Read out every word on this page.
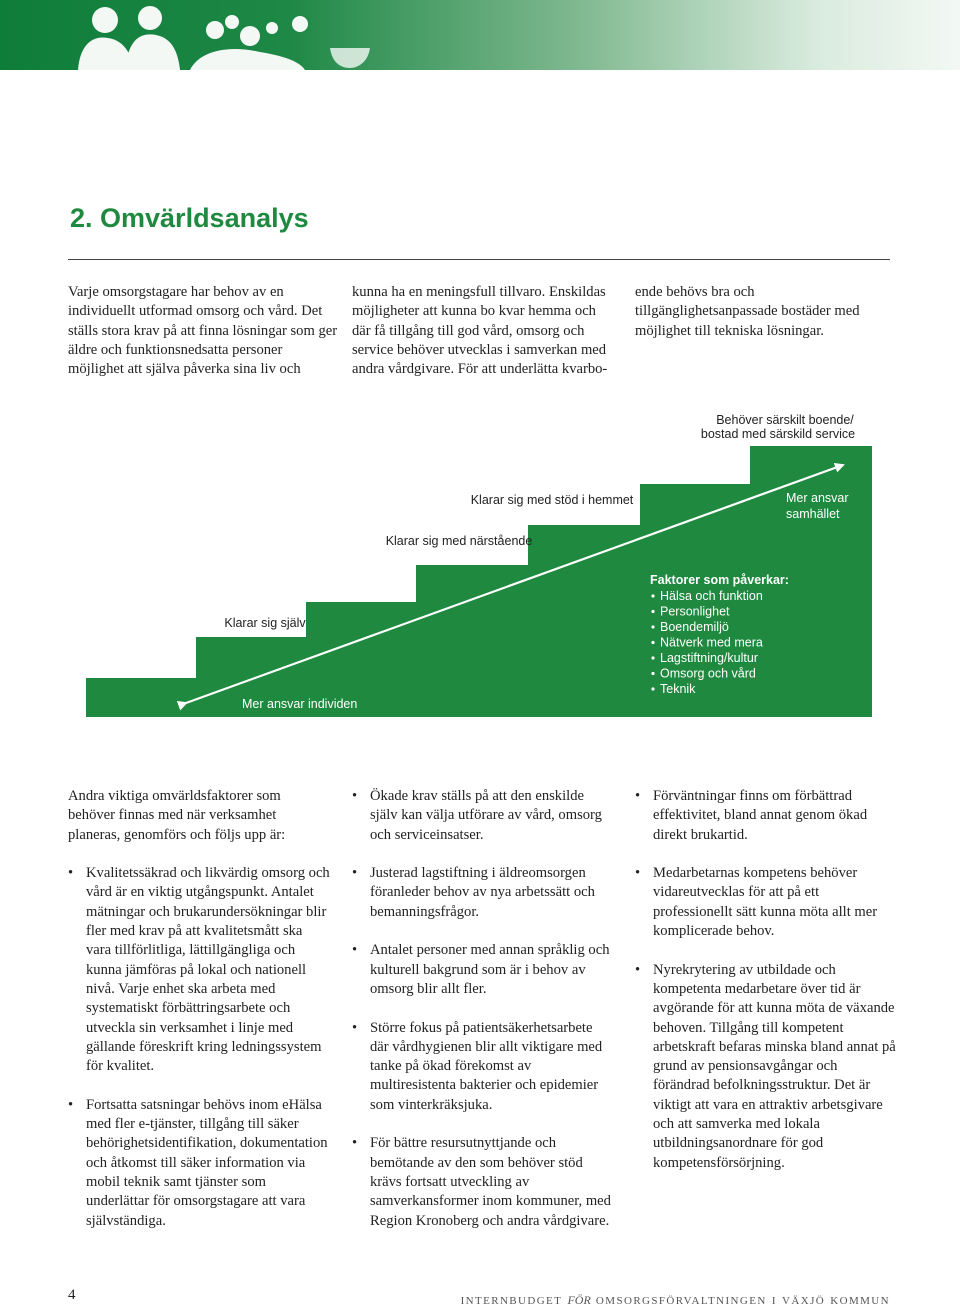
2. Omvärldsanalys

Varje omsorgstagare har behov av en individuellt utformad omsorg och vård. Det ställs stora krav på att finna lösningar som ger äldre och funktionsnedsatta personer möjlighet att själva påverka sina liv och

kunna ha en meningsfull tillvaro. Enskildas möjligheter att kunna bo kvar hemma och där få tillgång till god vård, omsorg och service behöver utvecklas i samverkan med andra vårdgivare. För att underlätta kvarbo-

ende behövs bra och tillgänglighetsanpassade bostäder med möjlighet till tekniska lösningar.

Behöver särskilt boende/
bostad med särskild service
Klarar sig med stöd i hemmet
Klarar sig med närstående
Klarar sig själv
Mer ansvar individen
Mer ansvar
samhället
Faktorer som påverkar:
Hälsa och funktion
Personlighet
Boendemiljö
Nätverk med mera
Lagstiftning/kultur
Omsorg och vård
Teknik

Andra viktiga omvärldsfaktorer som behöver finnas med när verksamhet planeras, genomförs och följs upp är:

• Kvalitetssäkrad och likvärdig omsorg och vård är en viktig utgångspunkt. Antalet mätningar och brukarundersökningar blir fler med krav på att kvalitetsmått ska vara tillförlitliga, lättillgängliga och kunna jämföras på lokal och nationell nivå. Varje enhet ska arbeta med systematiskt förbättringsarbete och utveckla sin verksamhet i linje med gällande föreskrift kring ledningssystem för kvalitet.
• Fortsatta satsningar behövs inom eHälsa med fler e-tjänster, tillgång till säker behörighetsidentifikation, dokumentation och åtkomst till säker information via mobil teknik samt tjänster som underlättar för omsorgstagare att vara självständiga.
• Ökade krav ställs på att den enskilde själv kan välja utförare av vård, omsorg och serviceinsatser.
• Justerad lagstiftning i äldreomsorgen föranleder behov av nya arbetssätt och bemanningsfrågor.
• Antalet personer med annan språklig och kulturell bakgrund som är i behov av omsorg blir allt fler.
• Större fokus på patientsäkerhetsarbete där vårdhygienen blir allt viktigare med tanke på ökad förekomst av multiresistenta bakterier och epidemier som vinterkräksjuka.
• För bättre resursutnyttjande och bemötande av den som behöver stöd krävs fortsatt utveckling av samverkansformer inom kommuner, med Region Kronoberg och andra vårdgivare.
• Förväntningar finns om förbättrad effektivitet, bland annat genom ökad direkt brukartid.
• Medarbetarnas kompetens behöver vidareutvecklas för att på ett professionellt sätt kunna möta allt mer komplicerade behov.
• Nyrekrytering av utbildade och kompetenta medarbetare över tid är avgörande för att kunna möta de växande behoven. Tillgång till kompetent arbetskraft befaras minska bland annat på grund av pensionsavgångar och förändrad befolkningsstruktur. Det är viktigt att vara en attraktiv arbetsgivare och att samverka med lokala utbildningsanordnare för god kompetensförsörjning.
4	internbudget för omsorgsförvaltningen i växjö kommun
